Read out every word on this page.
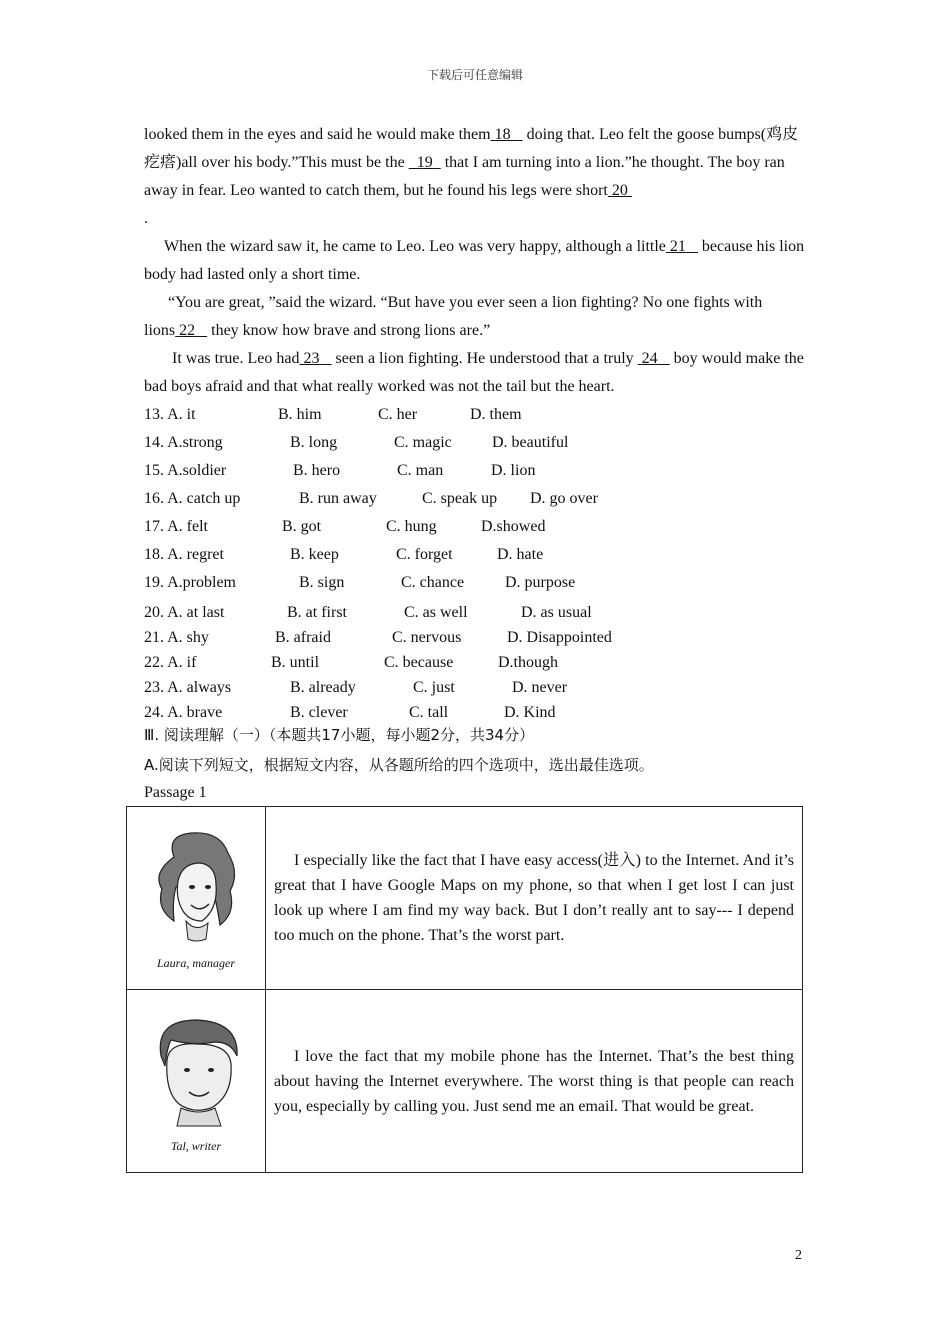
下载后可任意编辑

looked them in the eyes and said he would make them 18    doing that. Leo felt the goose bumps(鸡皮疙瘩)all over his body.”This must be the   19   that I am turning into a lion.”he thought. The boy ran away in fear. Leo wanted to catch them, but he found his legs were short 20
.

When the wizard saw it, he came to Leo. Leo was very happy, although a little 21    because his lion body had lasted only a short time.

“You are great, ”said the wizard. “But have you ever seen a lion fighting? No one fights with lions 22    they know how brave and strong lions are.”

It was true. Leo had 23    seen a lion fighting. He understood that a truly  24    boy would make the bad boys afraid and that what really worked was not the tail but the heart.

13. A. it	B. him	C. her	D. them
14. A.strong	B. long	C. magic	D. beautiful
15. A.soldier	B. hero	C. man	D. lion
16. A. catch up	B. run away	C. speak up	D. go over
17. A. felt	B. got	C. hung	D.showed
18. A. regret	B. keep	C. forget	D. hate
19. A.problem	B. sign	C. chance	D. purpose
20. A. at last	B. at first	C. as well	D. as usual
21. A. shy	B. afraid	C. nervous	D. Disappointed
22. A. if	B. until	C. because	D.though
23. A. always	B. already	C. just	D. never
24. A. brave	B. clever	C. tall	D. Kind

Ⅲ. 阅读理解（一）（本题共17小题，每小题2分，共34分）

A.阅读下列短文，根据短文内容，从各题所给的四个选项中，选出最佳选项。

Passage 1

Laura, manager	I especially like the fact that I have easy access(进入) to the Internet. And it’s great that I have Google Maps on my phone, so that when I get lost I can just look up where I am find my way back. But I don’t really ant to say--- I depend too much on the phone. That’s the worst part.

Tal, writer	I love the fact that my mobile phone has the Internet. That’s the best thing about having the Internet everywhere. The worst thing is that people can reach you, especially by calling you. Just send me an email. That would be great.

2
